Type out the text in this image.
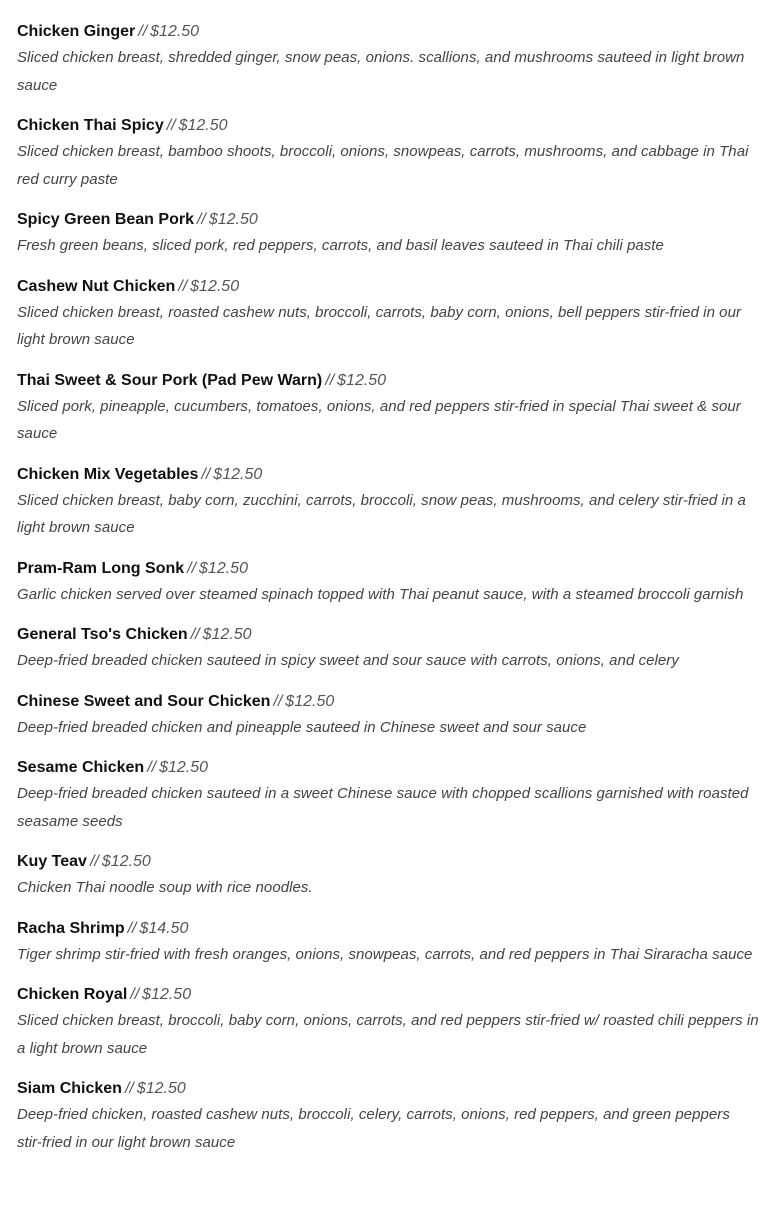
Chicken Ginger // $12.50
Sliced chicken breast, shredded ginger, snow peas, onions. scallions, and mushrooms sauteed in light brown sauce
Chicken Thai Spicy // $12.50
Sliced chicken breast, bamboo shoots, broccoli, onions, snowpeas, carrots, mushrooms, and cabbage in Thai red curry paste
Spicy Green Bean Pork // $12.50
Fresh green beans, sliced pork, red peppers, carrots, and basil leaves sauteed in Thai chili paste
Cashew Nut Chicken // $12.50
Sliced chicken breast, roasted cashew nuts, broccoli, carrots, baby corn, onions, bell peppers stir-fried in our light brown sauce
Thai Sweet & Sour Pork (Pad Pew Warn) // $12.50
Sliced pork, pineapple, cucumbers, tomatoes, onions, and red peppers stir-fried in special Thai sweet & sour sauce
Chicken Mix Vegetables // $12.50
Sliced chicken breast, baby corn, zucchini, carrots, broccoli, snow peas, mushrooms, and celery stir-fried in a light brown sauce
Pram-Ram Long Sonk // $12.50
Garlic chicken served over steamed spinach topped with Thai peanut sauce, with a steamed broccoli garnish
General Tso's Chicken // $12.50
Deep-fried breaded chicken sauteed in spicy sweet and sour sauce with carrots, onions, and celery
Chinese Sweet and Sour Chicken // $12.50
Deep-fried breaded chicken and pineapple sauteed in Chinese sweet and sour sauce
Sesame Chicken // $12.50
Deep-fried breaded chicken sauteed in a sweet Chinese sauce with chopped scallions garnished with roasted seasame seeds
Kuy Teav // $12.50
Chicken Thai noodle soup with rice noodles.
Racha Shrimp // $14.50
Tiger shrimp stir-fried with fresh oranges, onions, snowpeas, carrots, and red peppers in Thai Siraracha sauce
Chicken Royal // $12.50
Sliced chicken breast, broccoli, baby corn, onions, carrots, and red peppers stir-fried w/ roasted chili peppers in a light brown sauce
Siam Chicken // $12.50
Deep-fried chicken, roasted cashew nuts, broccoli, celery, carrots, onions, red peppers, and green peppers stir-fried in our light brown sauce
